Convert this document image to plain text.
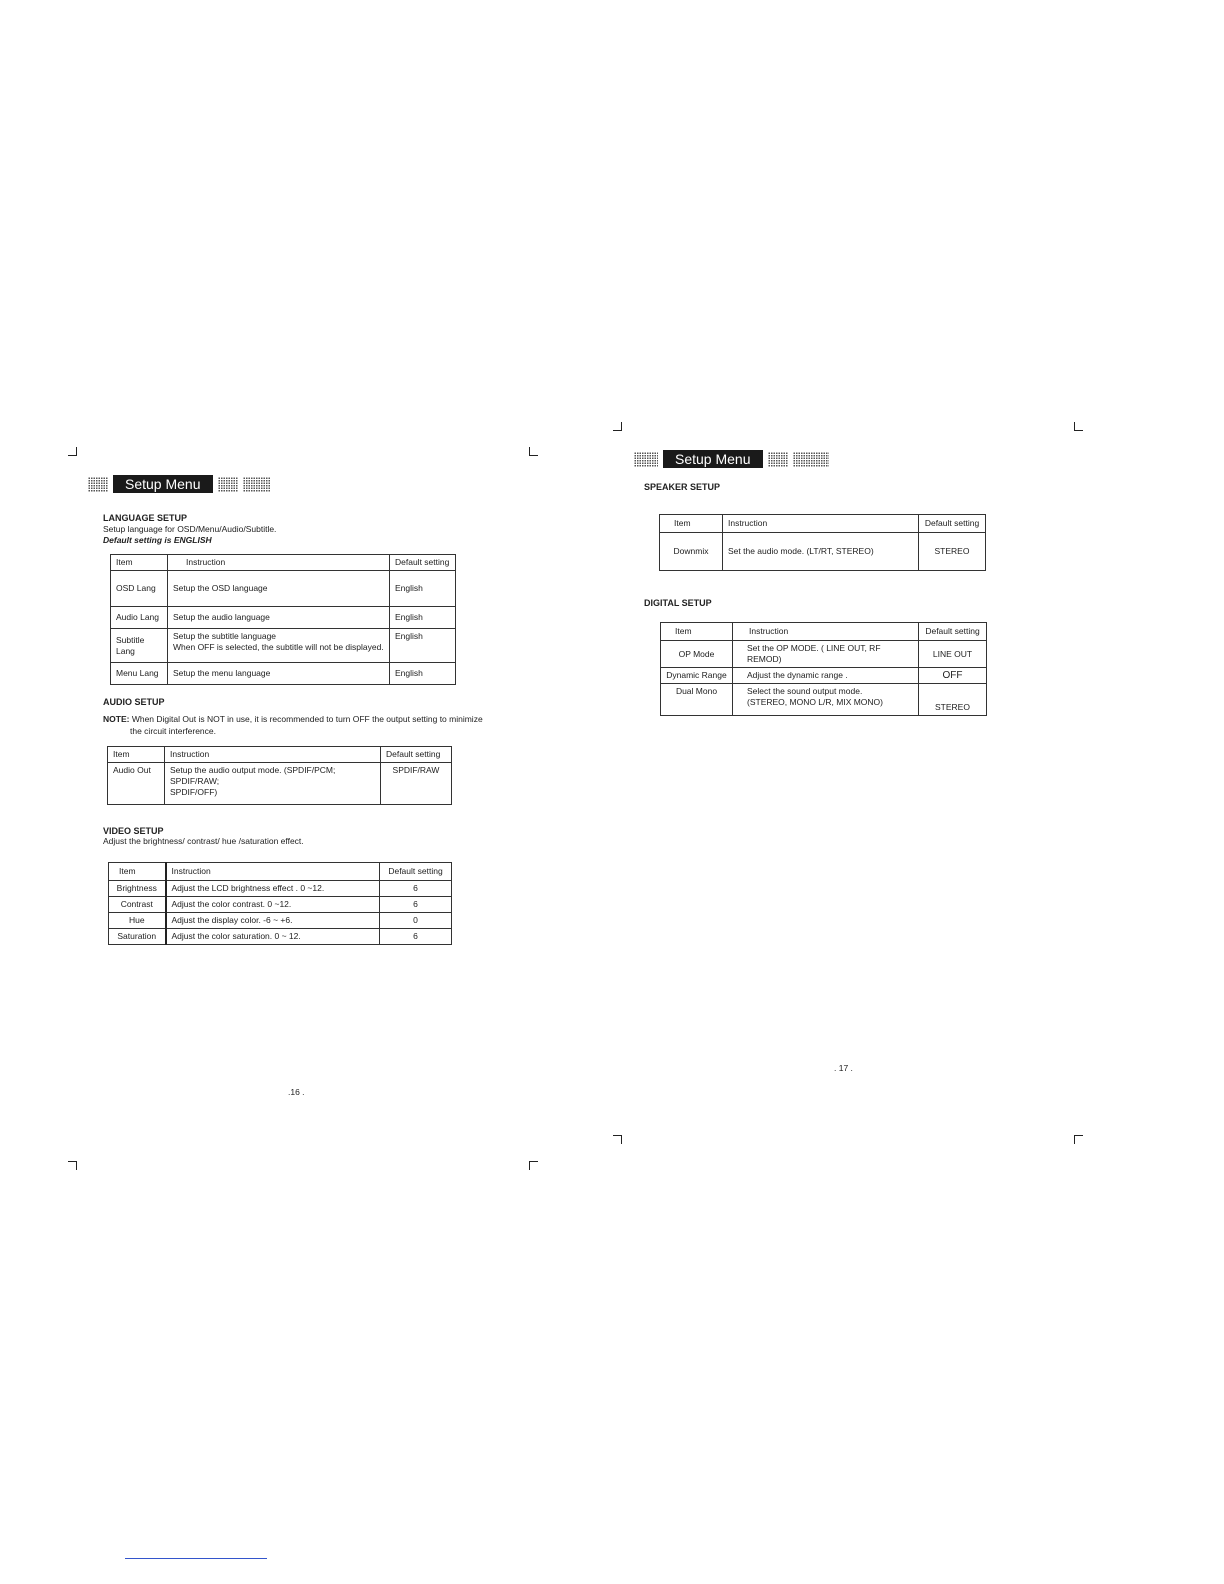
Setup Menu
LANGUAGE SETUP
Setup language for OSD/Menu/Audio/Subtitle.
Default setting is ENGLISH
Item	Instruction	Default setting
OSD Lang	Setup the OSD language	English
Audio Lang	Setup the audio language	English
Subtitle Lang	Setup the subtitle language
When OFF is selected, the subtitle will not be displayed.	English
Menu Lang	Setup the menu language	English
AUDIO SETUP
NOTE: When Digital Out is NOT in use, it is recommended to turn OFF the output setting to minimize
the circuit interference.
Item	Instruction	Default setting
Audio Out	Setup the audio output mode. (SPDIF/PCM; SPDIF/RAW;
SPDIF/OFF)	SPDIF/RAW
VIDEO SETUP
Adjust the brightness/ contrast/ hue /saturation effect.
Item	Instruction	Default setting
Brightness	Adjust the LCD brightness effect . 0 ~12.	6
Contrast	Adjust the color contrast. 0 ~12.	6
Hue	Adjust the display color. -6 ~ +6.	0
Saturation	Adjust the color saturation. 0 ~ 12.	6
.16 .
Setup Menu
SPEAKER SETUP
Item	Instruction	Default setting
Downmix	Set the audio mode. (LT/RT, STEREO)	STEREO
DIGITAL SETUP
Item	Instruction	Default setting
OP Mode	Set the OP MODE. ( LINE OUT, RF REMOD)	LINE OUT
Dynamic Range	Adjust the dynamic range .	OFF
Dual Mono	Select the sound output mode.
(STEREO, MONO L/R, MIX MONO)	STEREO
. 17 .
